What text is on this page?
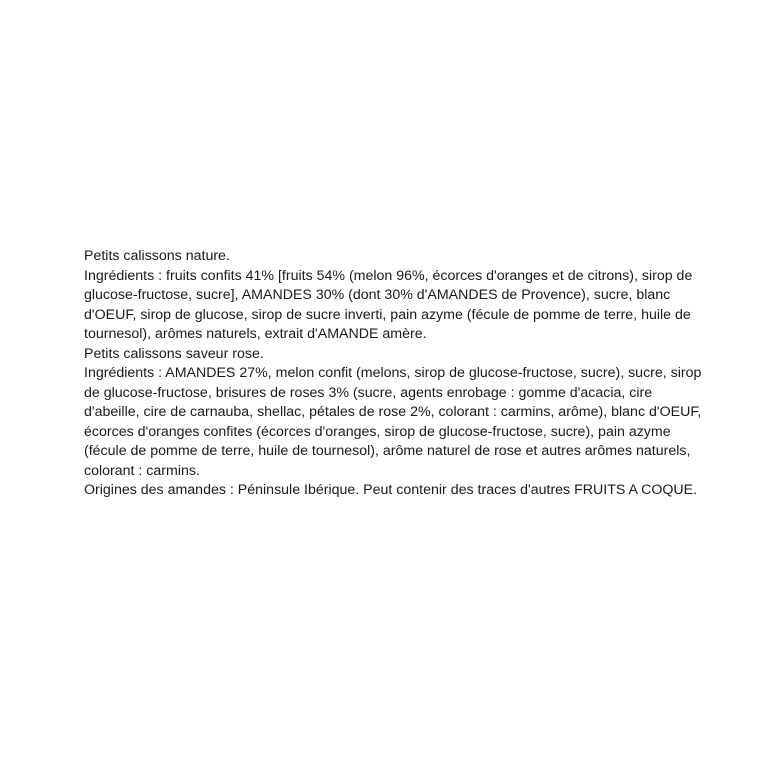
Petits calissons nature.

Ingrédients : fruits confits 41% [fruits 54% (melon 96%, écorces d'oranges et de citrons), sirop de glucose-fructose, sucre], AMANDES 30% (dont 30% d'AMANDES de Provence), sucre, blanc d'OEUF, sirop de glucose, sirop de sucre inverti, pain azyme (fécule de pomme de terre, huile de tournesol), arômes naturels, extrait d'AMANDE amère.

Petits calissons saveur rose.

Ingrédients : AMANDES 27%, melon confit (melons, sirop de glucose-fructose, sucre), sucre, sirop de glucose-fructose, brisures de roses 3% (sucre, agents enrobage : gomme d'acacia, cire d'abeille, cire de carnauba, shellac, pétales de rose 2%, colorant : carmins, arôme), blanc d'OEUF, écorces d'oranges confites (écorces d'oranges, sirop de glucose-fructose, sucre), pain azyme (fécule de pomme de terre, huile de tournesol), arôme naturel de rose et autres arômes naturels, colorant : carmins.

Origines des amandes : Péninsule Ibérique. Peut contenir des traces d'autres FRUITS A COQUE.
